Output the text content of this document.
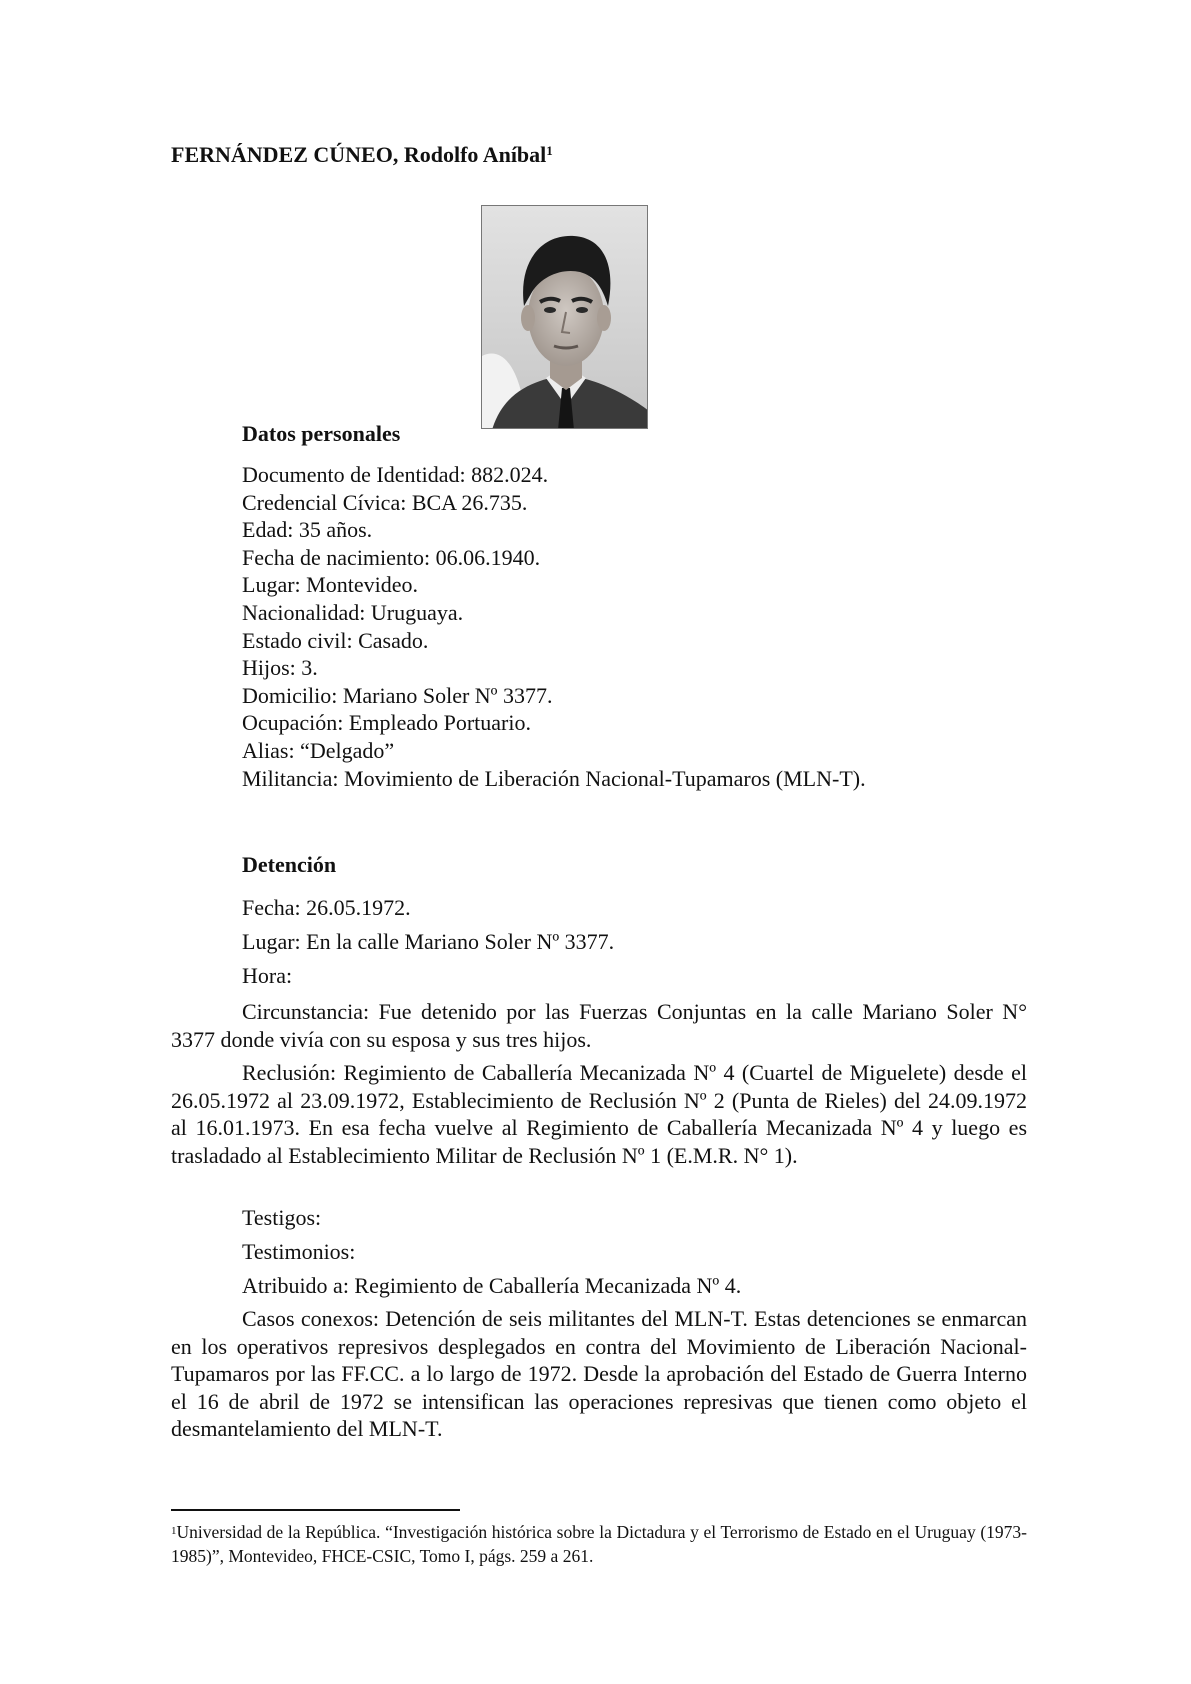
FERNÁNDEZ CÚNEO, Rodolfo Aníbal$^1$
Datos personales
Documento de Identidad: 882.024.
Credencial Cívica: BCA 26.735.
Edad: 35 años.
Fecha de nacimiento: 06.06.1940.
Lugar: Montevideo.
Nacionalidad: Uruguaya.
Estado civil: Casado.
Hijos: 3.
Domicilio: Mariano Soler Nº 3377.
Ocupación: Empleado Portuario.
Alias: “Delgado”
Militancia: Movimiento de Liberación Nacional-Tupamaros (MLN-T).
Detención
Fecha: 26.05.1972.
Lugar: En la calle Mariano Soler Nº 3377.
Hora:

Circunstancia: Fue detenido por las Fuerzas Conjuntas en la calle Mariano Soler N° 3377 donde vivía con su esposa y sus tres hijos.

Reclusión: Regimiento de Caballería Mecanizada Nº 4 (Cuartel de Miguelete) desde el 26.05.1972 al 23.09.1972, Establecimiento de Reclusión Nº 2 (Punta de Rieles) del 24.09.1972 al 16.01.1973. En esa fecha vuelve al Regimiento de Caballería Mecanizada Nº 4 y luego es trasladado al Establecimiento Militar de Reclusión Nº 1 (E.M.R. N° 1).

Testigos:
Testimonios:
Atribuido a: Regimiento de Caballería Mecanizada Nº 4.

Casos conexos: Detención de seis militantes del MLN-T. Estas detenciones se enmarcan en los operativos represivos desplegados en contra del Movimiento de Liberación Nacional- Tupamaros por las FF.CC. a lo largo de 1972. Desde la aprobación del Estado de Guerra Interno el 16 de abril de 1972 se intensifican las operaciones represivas que tienen como objeto el desmantelamiento del MLN-T.

$^1$Universidad de la República. “Investigación histórica sobre la Dictadura y el Terrorismo de Estado en el Uruguay (1973-1985)”, Montevideo, FHCE-CSIC, Tomo I, págs. 259 a 261.
